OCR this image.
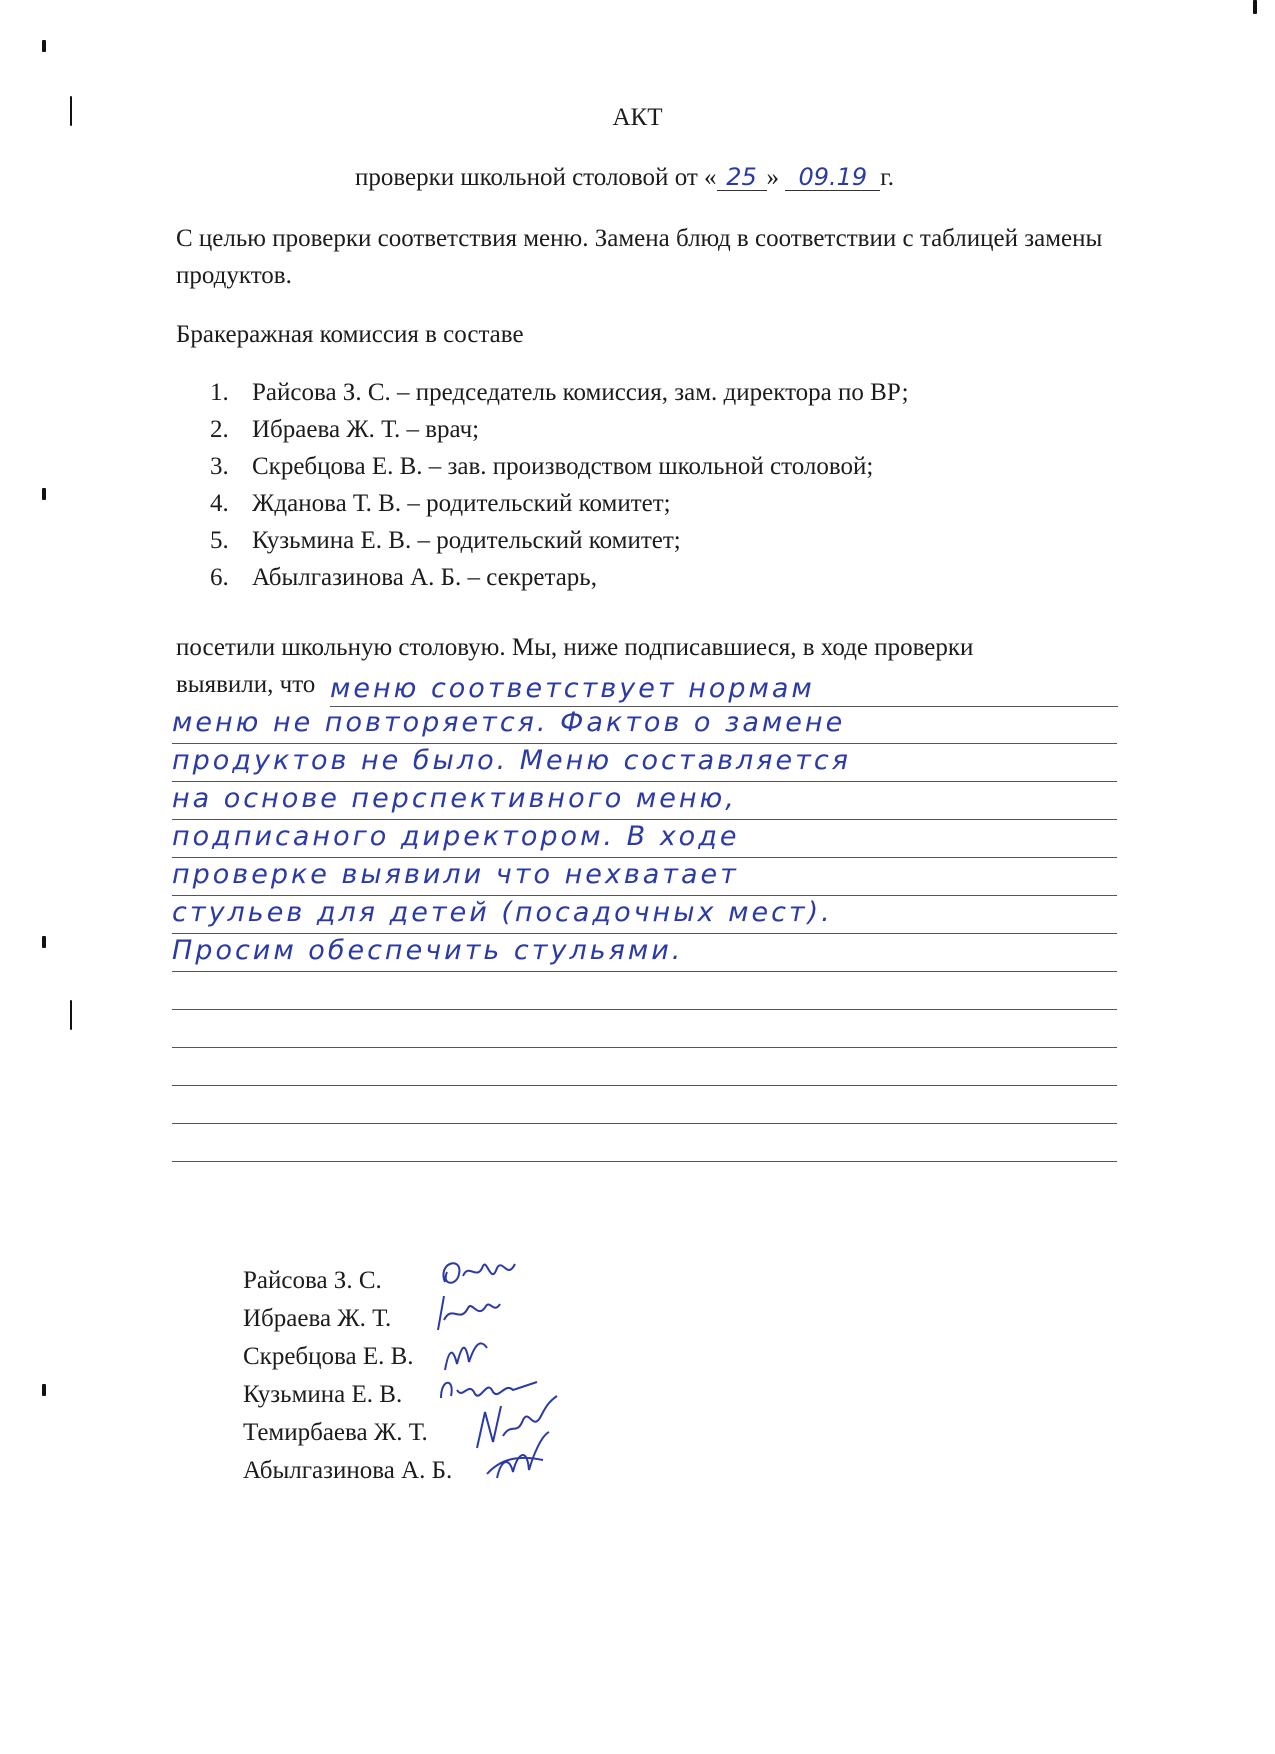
АКТ
проверки школьной столовой от « 25 » 09.19 г.
С целью проверки соответствия меню. Замена блюд в соответствии с таблицей замены продуктов.
Бракеражная комиссия в составе
1. Райсова З. С. – председатель комиссия, зам. директора по ВР;
2. Ибраева Ж. Т. – врач;
3. Скребцова Е. В. – зав. производством школьной столовой;
4. Жданова Т. В. – родительский комитет;
5. Кузьмина Е. В. – родительский комитет;
6. Абылгазинова А. Б. – секретарь,
посетили школьную столовую. Мы, ниже подписавшиеся, в ходе проверки
выявили, что меню соответствует нормам
меню не повторяется. Фактов о замене
продуктов не было. Меню составляется
на основе перспективного меню,
подписаного директором. В ходе
проверке выявили что нехватает
стульев для детей (посадочных мест).
Просим обеспечить стульями.
Райсова З. С.
Ибраева Ж. Т.
Скребцова Е. В.
Кузьмина Е. В.
Темирбаева Ж. Т.
Абылгазинова А. Б.
